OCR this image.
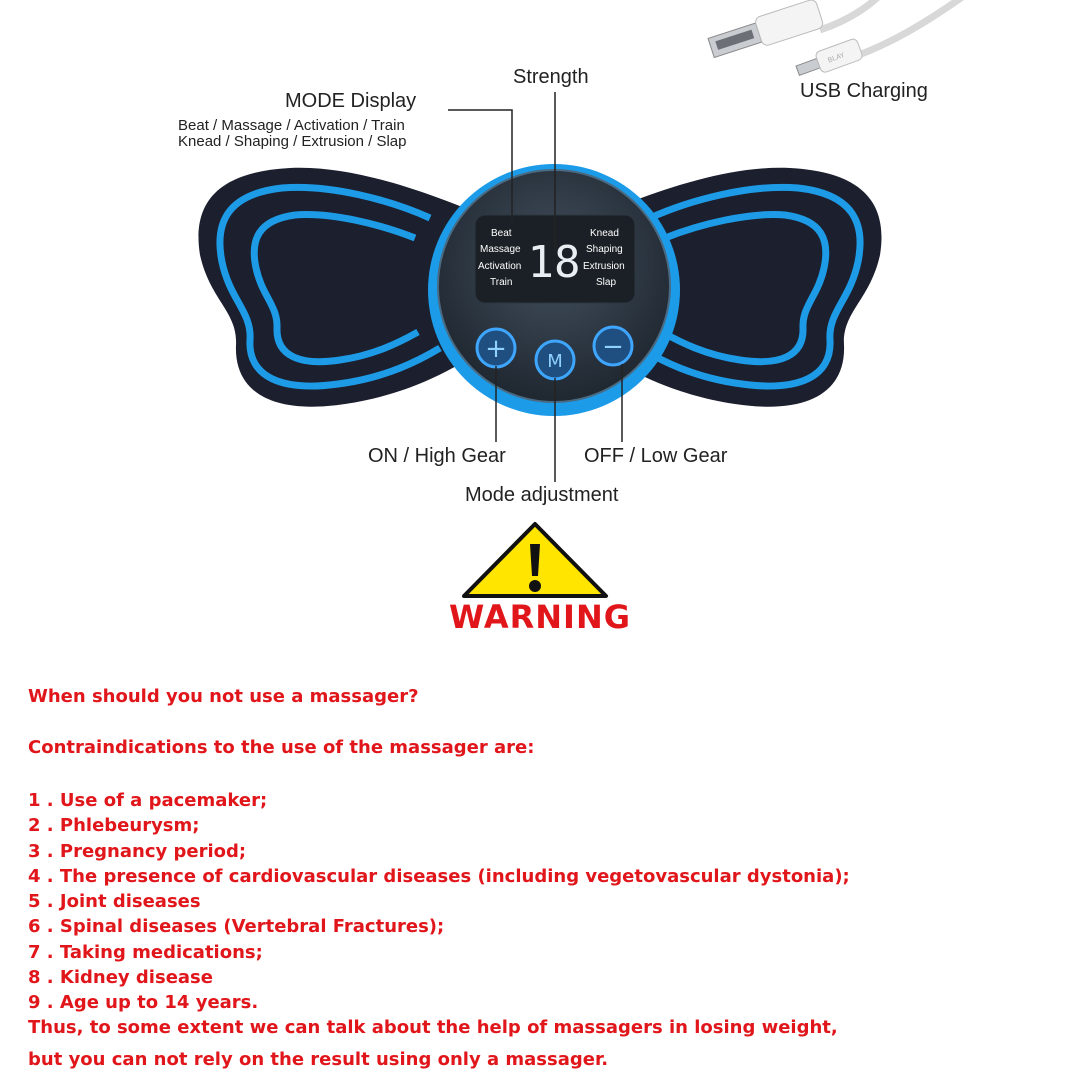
BLAY
USB Charging
Strength
MODE Display
Beat / Massage / Activation / Train
Knead / Shaping / Extrusion / Slap
Beat
Massage
Activation
Train
Knead
Shaping
Extrusion
Slap
18
+ M −
ON / High Gear	OFF / Low Gear
Mode adjustment
WARNING
When should you not use a massager?
Contraindications to the use of the massager are:
1 . Use of a pacemaker;
2 . Phlebeurysm;
3 . Pregnancy period;
4 . The presence of cardiovascular diseases (including vegetovascular dystonia);
5 . Joint diseases
6 . Spinal diseases (Vertebral Fractures);
7 . Taking medications;
8 . Kidney disease
9 . Age up to 14 years.
Thus, to some extent we can talk about the help of massagers in losing weight,
but you can not rely on the result using only a massager.
